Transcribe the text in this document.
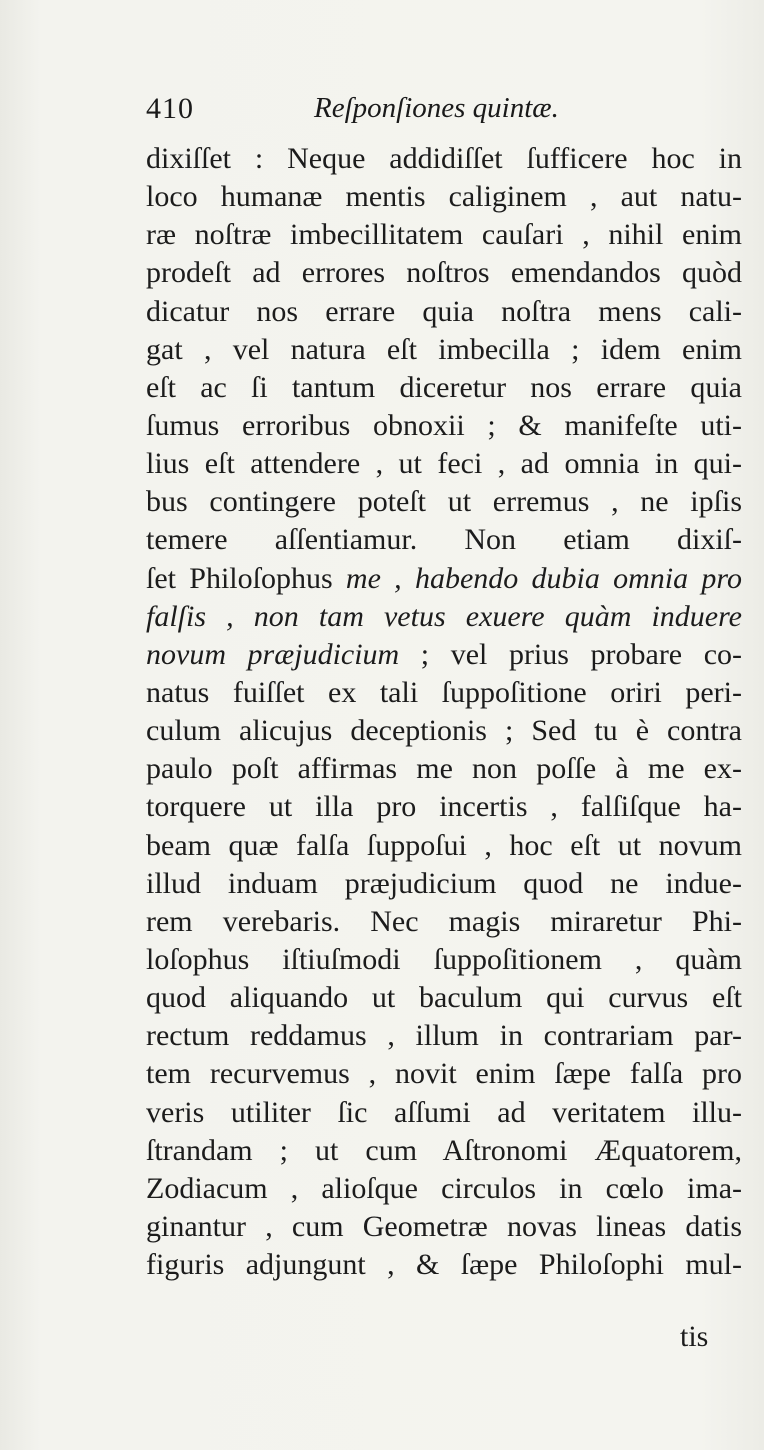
410	Reſponſiones quintæ.
dixiſſet : Neque addidiſſet ſufficere hoc in
loco humanæ mentis caliginem , aut natu-
ræ noſtræ imbecillitatem cauſari , nihil enim
prodeſt ad errores noſtros emendandos quòd
dicatur nos errare quia noſtra mens cali-
gat , vel natura eſt imbecilla ; idem enim
eſt ac ſi tantum diceretur nos errare quia
ſumus erroribus obnoxii ; & manifeſte uti-
lius eſt attendere , ut feci , ad omnia in qui-
bus contingere poteſt ut erremus , ne ipſis
temere aſſentiamur. Non etiam dixiſ-
ſet Philoſophus me , habendo dubia omnia pro
falſis , non tam vetus exuere quàm induere
novum præjudicium ; vel prius probare co-
natus fuiſſet ex tali ſuppoſitione oriri peri-
culum alicujus deceptionis ; Sed tu è contra
paulo poſt affirmas me non poſſe à me ex-
torquere ut illa pro incertis , falſiſque ha-
beam quæ falſa ſuppoſui , hoc eſt ut novum
illud induam præjudicium quod ne indue-
rem verebaris. Nec magis miraretur Phi-
loſophus iſtiuſmodi ſuppoſitionem , quàm
quod aliquando ut baculum qui curvus eſt
rectum reddamus , illum in contrariam par-
tem recurvemus , novit enim ſæpe falſa pro
veris utiliter ſic aſſumi ad veritatem illu-
ſtrandam ; ut cum Aſtronomi Æquatorem,
Zodiacum , alioſque circulos in cœlo ima-
ginantur , cum Geometræ novas lineas datis
figuris adjungunt , & ſæpe Philoſophi mul-
tis
